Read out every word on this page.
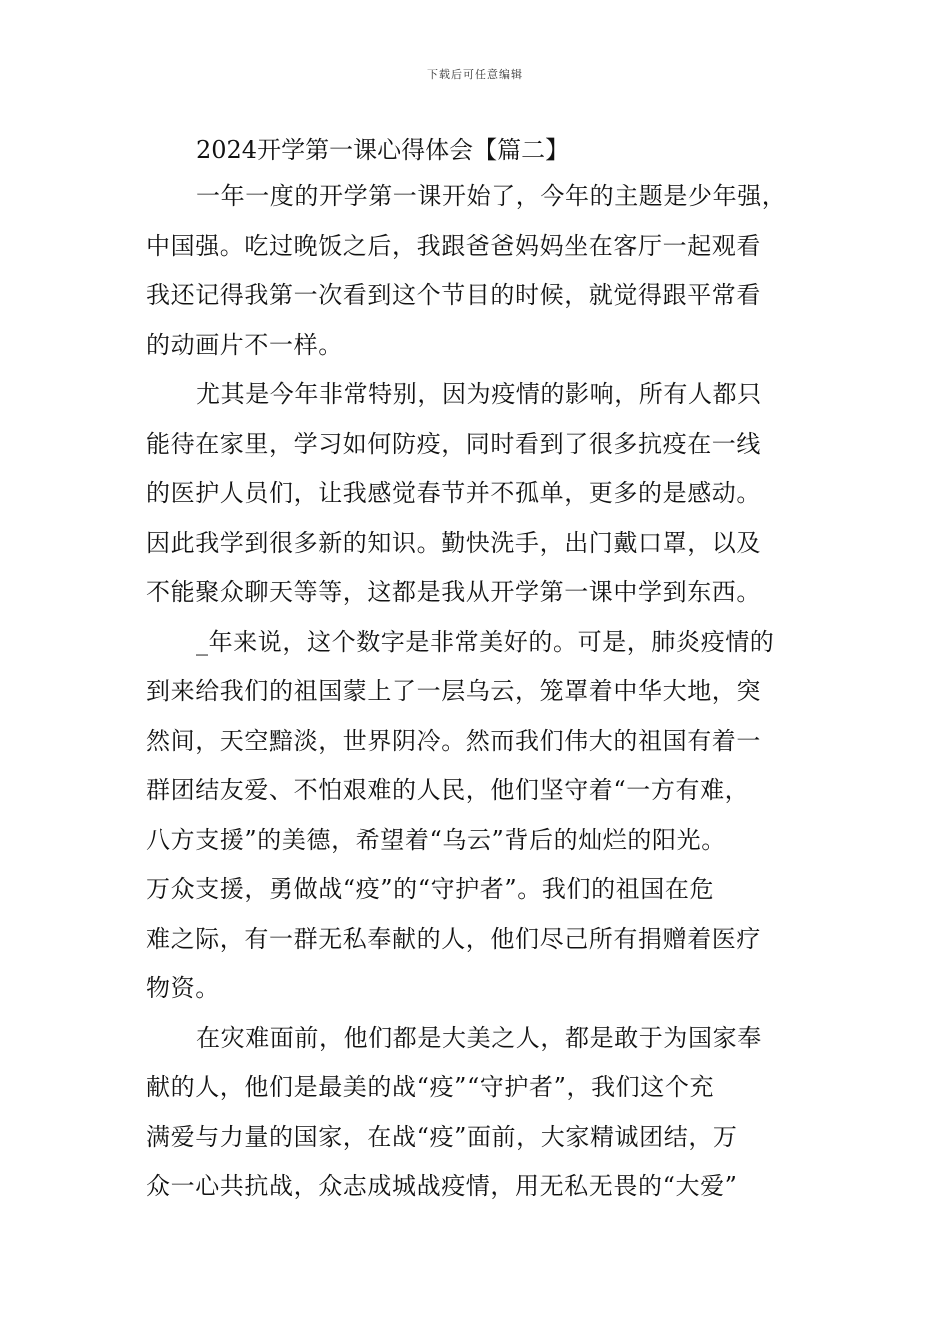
下载后可任意编辑
2024开学第一课心得体会【篇二】
一年一度的开学第一课开始了，今年的主题是少年强，
中国强。吃过晚饭之后，我跟爸爸妈妈坐在客厅一起观看
我还记得我第一次看到这个节目的时候，就觉得跟平常看
的动画片不一样。
尤其是今年非常特别，因为疫情的影响，所有人都只
能待在家里，学习如何防疫，同时看到了很多抗疫在一线
的医护人员们，让我感觉春节并不孤单，更多的是感动。
因此我学到很多新的知识。勤快洗手，出门戴口罩，以及
不能聚众聊天等等，这都是我从开学第一课中学到东西。
_年来说，这个数字是非常美好的。可是，肺炎疫情的
到来给我们的祖国蒙上了一层乌云，笼罩着中华大地，突
然间，天空黯淡，世界阴冷。然而我们伟大的祖国有着一
群团结友爱、不怕艰难的人民，他们坚守着“一方有难，
八方支援”的美德，希望着“乌云”背后的灿烂的阳光。
万众支援，勇做战“疫”的“守护者”。我们的祖国在危
难之际，有一群无私奉献的人，他们尽己所有捐赠着医疗
物资。
在灾难面前，他们都是大美之人，都是敢于为国家奉
献的人，他们是最美的战“疫”“守护者”，我们这个充
满爱与力量的国家，在战“疫”面前，大家精诚团结，万
众一心共抗战，众志成城战疫情，用无私无畏的“大爱”
